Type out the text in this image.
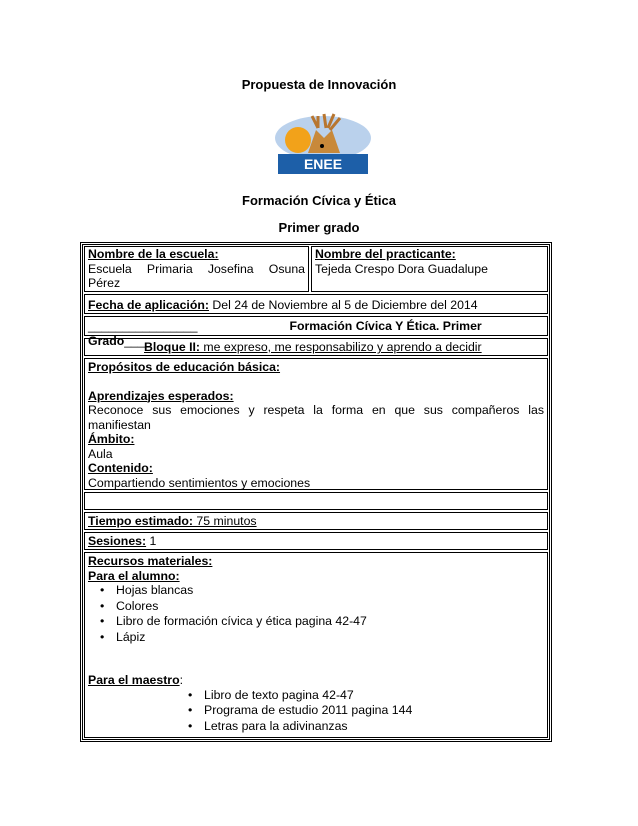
Propuesta de Innovación
ENEE
Formación Cívica y Ética
Primer grado
Nombre de la escuela:
Escuela Primaria Josefina Osuna
Pérez
Nombre del practicante:
Tejeda Crespo Dora Guadalupe
Fecha de aplicación: Del 24 de Noviembre al 5 de Diciembre del 2014
________________	Formación Cívica Y Ética. Primer Grado____
Bloque II: me expreso, me responsabilizo y aprendo a decidir
Propósitos de educación básica:
Aprendizajes esperados:
Reconoce sus emociones y respeta la forma en que sus compañeros las
manifiestan
Ámbito:
Aula
Contenido:
Compartiendo sentimientos y emociones
Tiempo estimado: 75 minutos
Sesiones: 1
Recursos materiales:
Para el alumno:
• Hojas blancas
• Colores
• Libro de formación cívica y ética pagina 42-47
• Lápiz
Para el maestro:
• Libro de texto pagina 42-47
• Programa de estudio 2011 pagina 144
• Letras para la adivinanzas
